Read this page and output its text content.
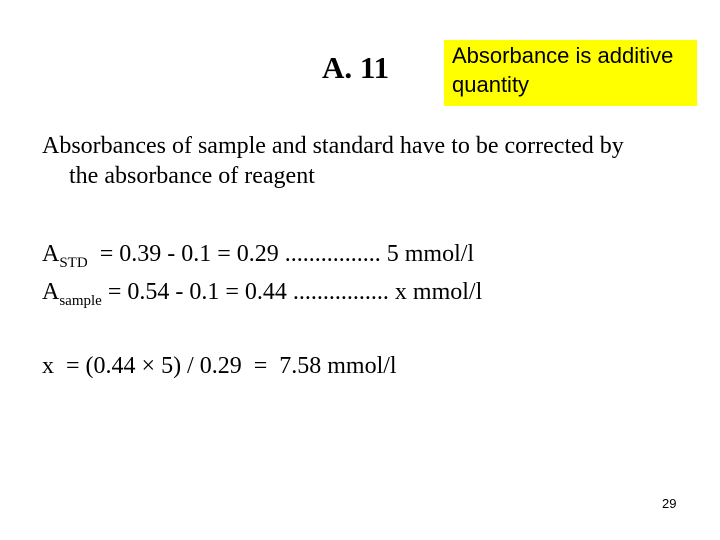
A. 11	Absorbance is additive
quantity
Absorbances of sample and standard have to be corrected by
the absorbance of reagent
$A_{STD} = 0.39 - 0.1 = 0.29$ ................ 5 mmol/l
$A_{sample} = 0.54 - 0.1 = 0.44$ ................ x mmol/l
x  = (0.44 × 5) / 0.29  =  7.58 mmol/l
29
